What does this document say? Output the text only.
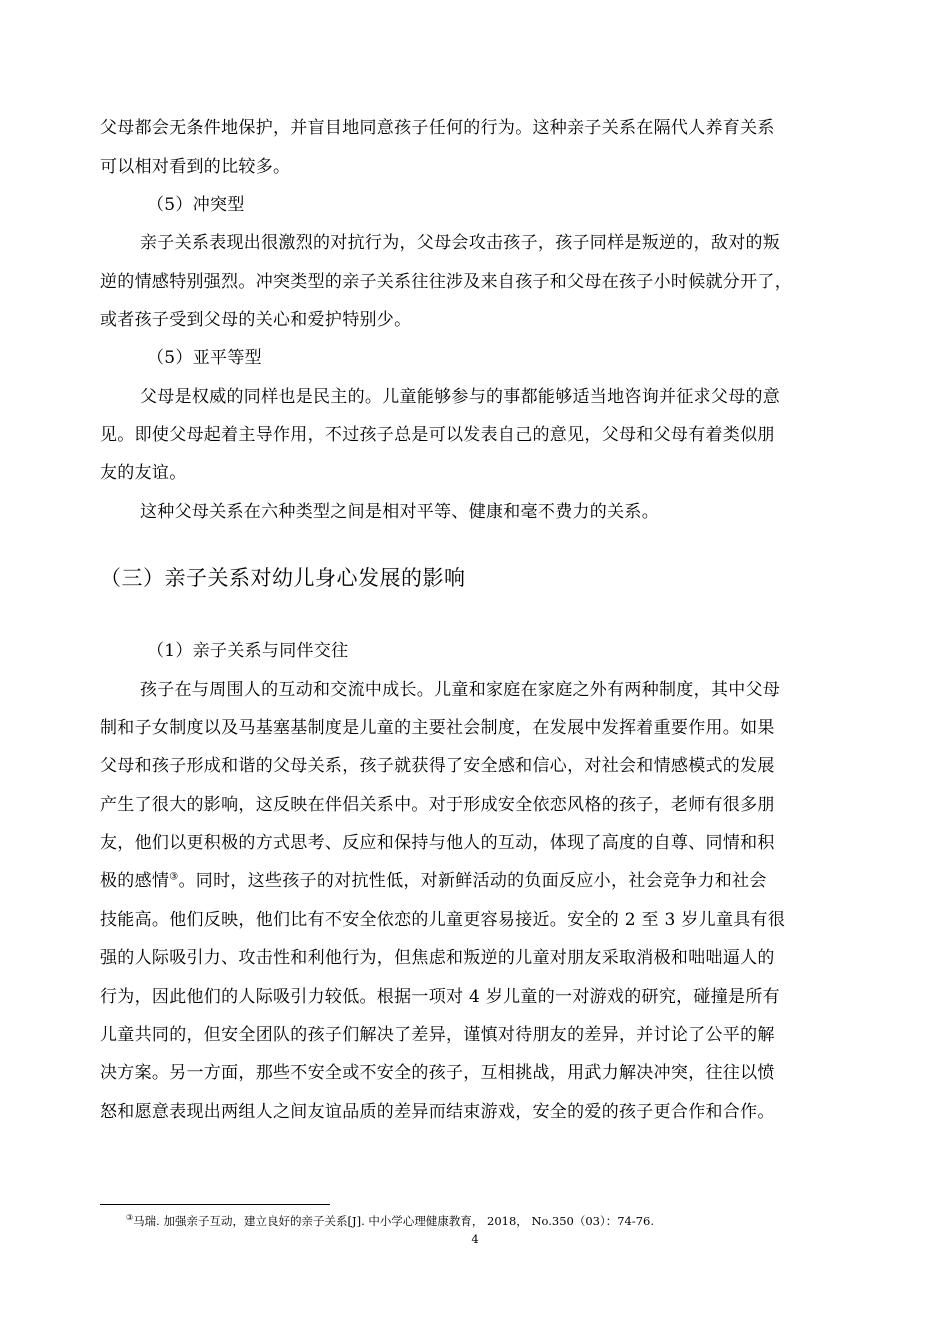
父母都会无条件地保护，并盲目地同意孩子任何的行为。这种亲子关系在隔代人养育关系
可以相对看到的比较多。
（5）冲突型
亲子关系表现出很激烈的对抗行为，父母会攻击孩子，孩子同样是叛逆的，敌对的叛
逆的情感特别强烈。冲突类型的亲子关系往往涉及来自孩子和父母在孩子小时候就分开了，
或者孩子受到父母的关心和爱护特别少。
（5）亚平等型
父母是权威的同样也是民主的。儿童能够参与的事都能够适当地咨询并征求父母的意
见。即使父母起着主导作用，不过孩子总是可以发表自己的意见，父母和父母有着类似朋
友的友谊。
这种父母关系在六种类型之间是相对平等、健康和毫不费力的关系。
（三）亲子关系对幼儿身心发展的影响
（1）亲子关系与同伴交往
孩子在与周围人的互动和交流中成长。儿童和家庭在家庭之外有两种制度，其中父母
制和子女制度以及马基塞基制度是儿童的主要社会制度，在发展中发挥着重要作用。如果
父母和孩子形成和谐的父母关系，孩子就获得了安全感和信心，对社会和情感模式的发展
产生了很大的影响，这反映在伴侣关系中。对于形成安全依恋风格的孩子，老师有很多朋
友，他们以更积极的方式思考、反应和保持与他人的互动，体现了高度的自尊、同情和积
极的感情③。同时，这些孩子的对抗性低，对新鲜活动的负面反应小，社会竞争力和社会
技能高。他们反映，他们比有不安全依恋的儿童更容易接近。安全的 2 至 3 岁儿童具有很
强的人际吸引力、攻击性和利他行为，但焦虑和叛逆的儿童对朋友采取消极和咄咄逼人的
行为，因此他们的人际吸引力较低。根据一项对 4 岁儿童的一对游戏的研究，碰撞是所有
儿童共同的，但安全团队的孩子们解决了差异，谨慎对待朋友的差异，并讨论了公平的解
决方案。另一方面，那些不安全或不安全的孩子，互相挑战，用武力解决冲突，往往以愤
怒和愿意表现出两组人之间友谊品质的差异而结束游戏，安全的爱的孩子更合作和合作。
③马瑞. 加强亲子互动，建立良好的亲子关系[J]. 中小学心理健康教育， 2018， No.350（03）：74-76.
4
